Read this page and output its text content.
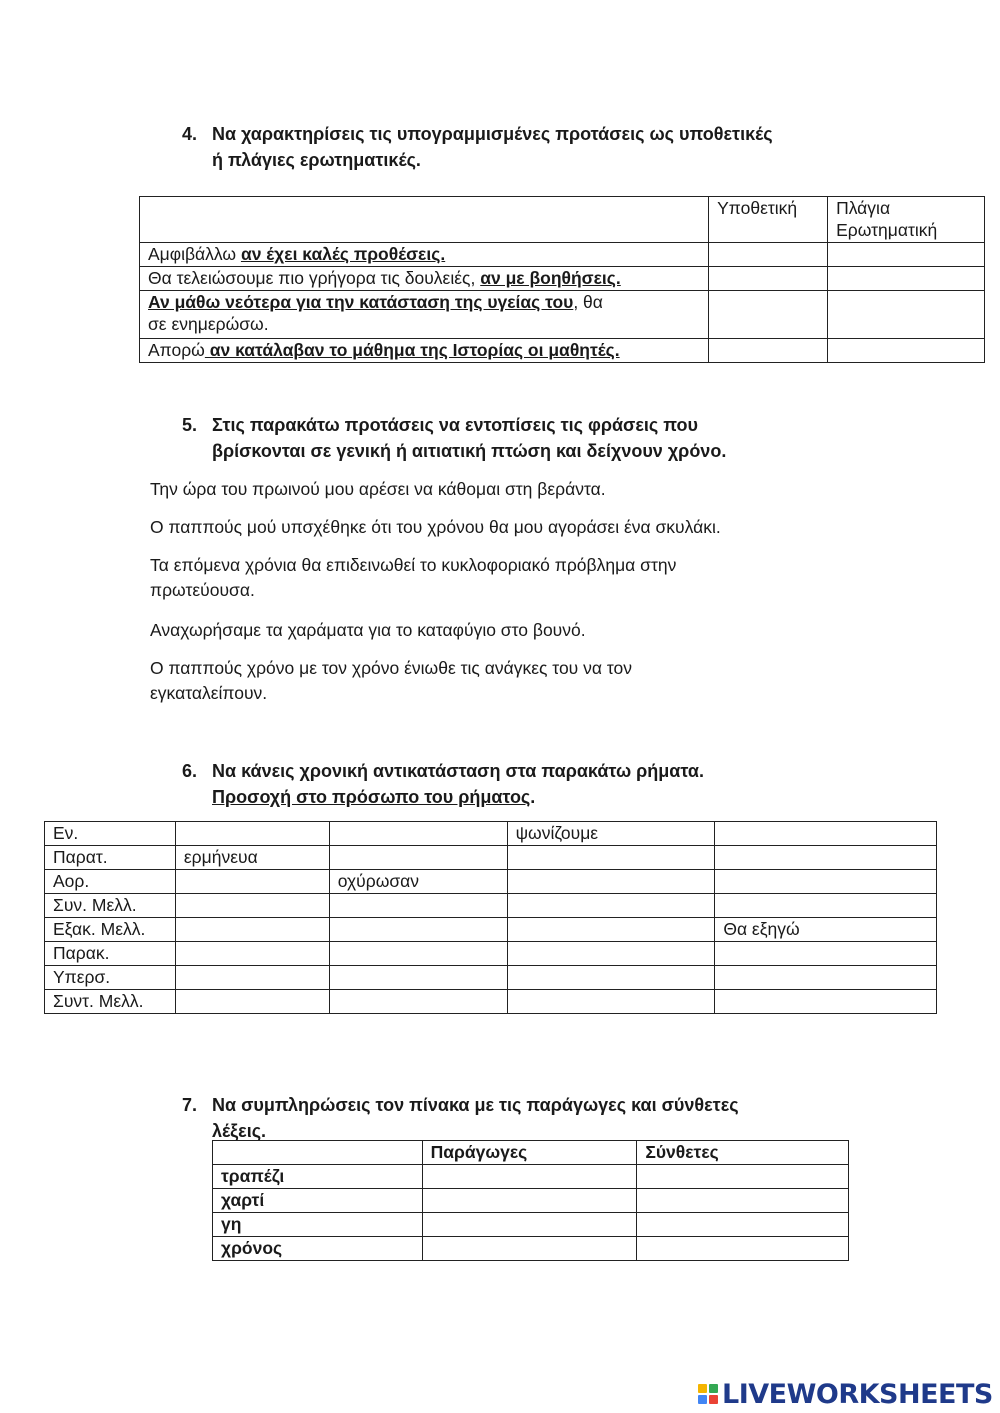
4. Να χαρακτηρίσεις τις υπογραμμισμένες προτάσεις ως υποθετικές
ή πλάγιες ερωτηματικές.
	Υποθετική	Πλάγια
Ερωτηματική

Αμφιβάλλω αν έχει καλές προθέσεις.		
Θα τελειώσουμε πιο γρήγορα τις δουλειές, αν με βοηθήσεις.		
Αν μάθω νεότερα για την κατάσταση της υγείας του, θα
σε ενημερώσω.		
Απορώ αν κατάλαβαν το μάθημα της Ιστορίας οι μαθητές.		
5. Στις παρακάτω προτάσεις να εντοπίσεις τις φράσεις που
βρίσκονται σε γενική ή αιτιατική πτώση και δείχνουν χρόνο.
Την ώρα του πρωινού μου αρέσει να κάθομαι στη βεράντα.
Ο παππούς μού υπσχέθηκε ότι του χρόνου θα μου αγοράσει ένα σκυλάκι.
Τα επόμενα χρόνια θα επιδεινωθεί το κυκλοφοριακό πρόβλημα στην
πρωτεύουσα.
Αναχωρήσαμε τα χαράματα για το καταφύγιο στο βουνό.
Ο παππούς χρόνο με τον χρόνο ένιωθε τις ανάγκες του να τον
εγκαταλείπουν.
6. Να κάνεις χρονική αντικατάσταση στα παρακάτω ρήματα.
Προσοχή στο πρόσωπο του ρήματος.
Εν.			ψωνίζουμε	
Παρατ.	ερμήνευα			
Αορ.		οχύρωσαν		
Συν. Μελλ.				
Εξακ. Μελλ.				Θα εξηγώ
Παρακ.				
Υπερσ.				
Συντ. Μελλ.				
7. Να συμπληρώσεις τον πίνακα με τις παράγωγες και σύνθετες
λέξεις.
	Παράγωγες	Σύνθετες
τραπέζι		
χαρτί		
γη		
χρόνος		
LIVEWORKSHEETS
